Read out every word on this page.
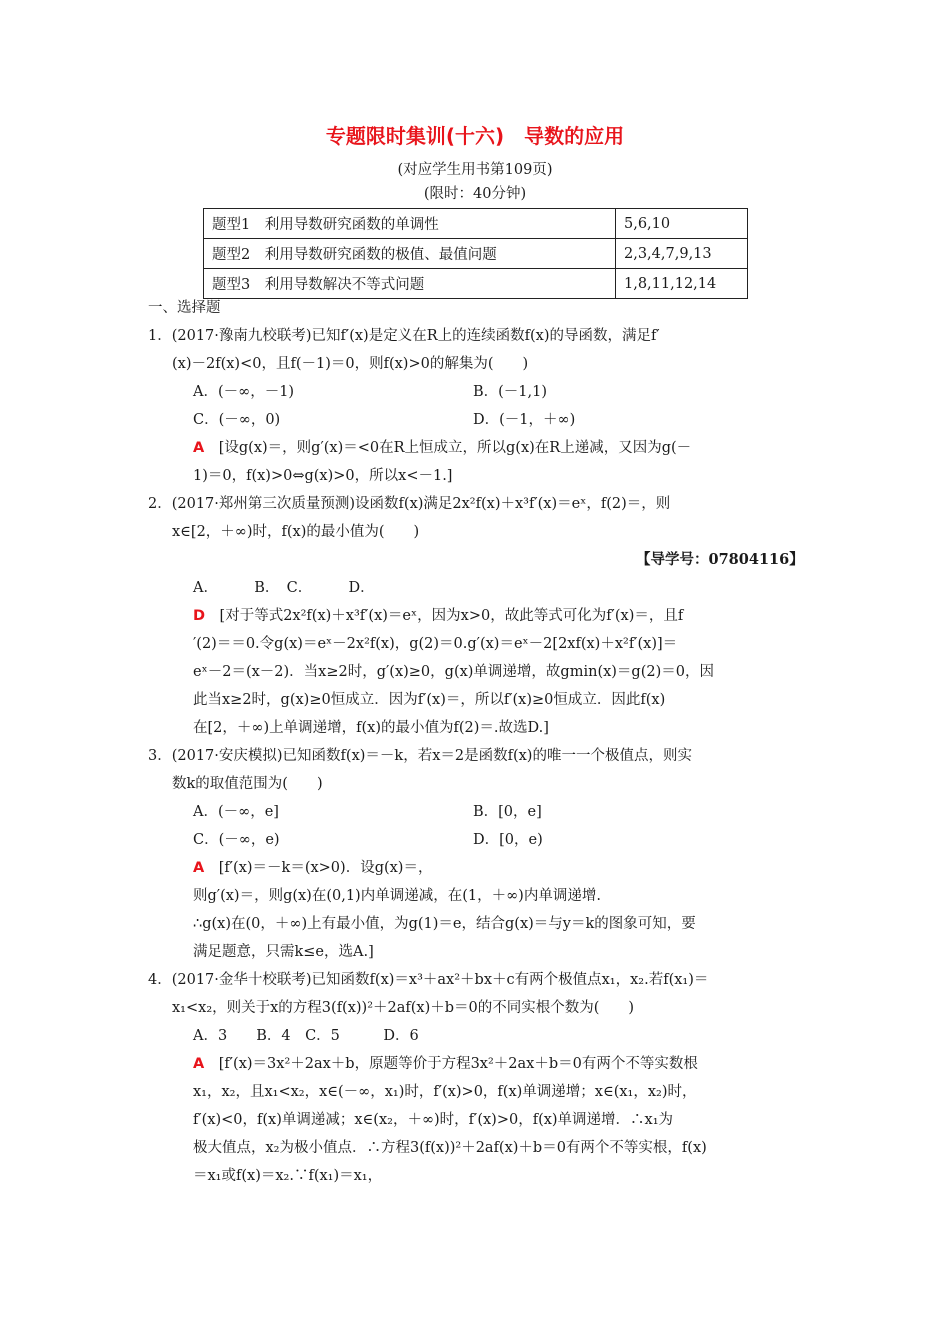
专题限时集训(十六)　导数的应用
(对应学生用书第109页)
(限时：40分钟)
题型1　利用导数研究函数的单调性	5,6,10
题型2　利用导数研究函数的极值、最值问题	2,3,4,7,9,13
题型3　利用导数解决不等式问题	1,8,11,12,14
一、选择题
1．(2017·豫南九校联考)已知f′(x)是定义在R上的连续函数f(x)的导函数，满足f′
(x)－2f(x)<0，且f(－1)＝0，则f(x)>0的解集为(　　)
A．(－∞，－1)	B．(－1,1)
C．(－∞，0)	D．(－1，＋∞)
A　[设g(x)＝，则g′(x)＝<0在R上恒成立，所以g(x)在R上递减，又因为g(－
1)＝0，f(x)>0⇔g(x)>0，所以x<－1.]
2．(2017·郑州第三次质量预测)设函数f(x)满足2x²f(x)＋x³f′(x)＝eˣ，f(2)＝，则
x∈[2，＋∞)时，f(x)的最小值为(　　)
【导学号：07804116】
A．　　　B．　C．　　　D．
D　[对于等式2x²f(x)＋x³f′(x)＝eˣ，因为x>0，故此等式可化为f′(x)＝，且f
′(2)＝＝0.令g(x)＝eˣ－2x²f(x)，g(2)＝0.g′(x)＝eˣ－2[2xf(x)＋x²f′(x)]＝
eˣ－2＝(x－2)．当x≥2时，g′(x)≥0，g(x)单调递增，故gmin(x)＝g(2)＝0，因
此当x≥2时，g(x)≥0恒成立．因为f′(x)＝，所以f′(x)≥0恒成立．因此f(x)
在[2，＋∞)上单调递增，f(x)的最小值为f(2)＝.故选D.]
3．(2017·安庆模拟)已知函数f(x)＝－k，若x＝2是函数f(x)的唯一一个极值点，则实
数k的取值范围为(　　)
A．(－∞，e]	B．[0，e]
C．(－∞，e)	D．[0，e)
A　[f′(x)＝－k＝(x>0)．设g(x)＝，
则g′(x)＝，则g(x)在(0,1)内单调递减，在(1，＋∞)内单调递增.
∴g(x)在(0，＋∞)上有最小值，为g(1)＝e，结合g(x)＝与y＝k的图象可知，要
满足题意，只需k≤e，选A.]
4．(2017·金华十校联考)已知函数f(x)＝x³＋ax²＋bx＋c有两个极值点x₁，x₂.若f(x₁)＝
x₁<x₂，则关于x的方程3(f(x))²＋2af(x)＋b＝0的不同实根个数为(　　)
A．3　　B．4　C．5　　　D．6
A　[f′(x)＝3x²＋2ax＋b，原题等价于方程3x²＋2ax＋b＝0有两个不等实数根
x₁，x₂，且x₁<x₂，x∈(－∞，x₁)时，f′(x)>0，f(x)单调递增；x∈(x₁，x₂)时，
f′(x)<0，f(x)单调递减；x∈(x₂，＋∞)时，f′(x)>0，f(x)单调递增．∴x₁为
极大值点，x₂为极小值点．∴方程3(f(x))²＋2af(x)＋b＝0有两个不等实根，f(x)
＝x₁或f(x)＝x₂.∵f(x₁)＝x₁，
